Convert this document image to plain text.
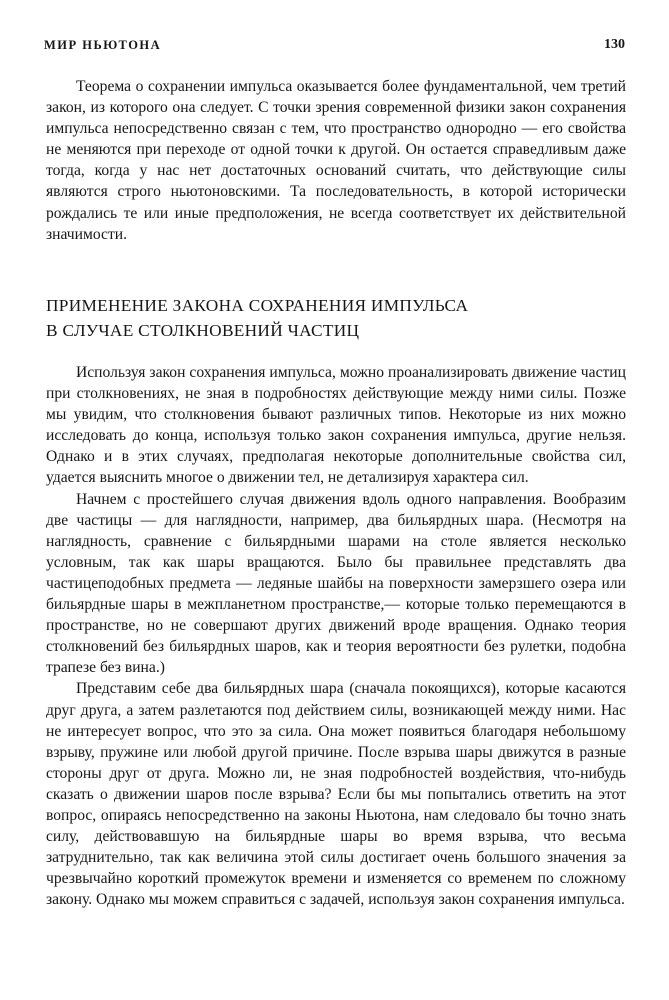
МИР НЬЮТОНА	130

Теорема о сохранении импульса оказывается более фундаментальной, чем третий закон, из которого она следует. С точки зрения современной физики закон сохранения импульса непосредственно связан с тем, что пространство однородно — его свойства не меняются при переходе от одной точки к другой. Он остается справедливым даже тогда, когда у нас нет достаточных оснований считать, что действующие силы являются строго ньютоновскими. Та последовательность, в которой исторически рождались те или иные предположения, не всегда соответствует их действительной значимости.

ПРИМЕНЕНИЕ ЗАКОНА СОХРАНЕНИЯ ИМПУЛЬСА
В СЛУЧАЕ СТОЛКНОВЕНИЙ ЧАСТИЦ

Используя закон сохранения импульса, можно проанализировать движение частиц при столкновениях, не зная в подробностях действующие между ними силы. Позже мы увидим, что столкновения бывают различных типов. Некоторые из них можно исследовать до конца, используя только закон сохранения импульса, другие нельзя. Однако и в этих случаях, предполагая некоторые дополнительные свойства сил, удается выяснить многое о движении тел, не детализируя характера сил.

Начнем с простейшего случая движения вдоль одного направления. Вообразим две частицы — для наглядности, например, два бильярдных шара. (Несмотря на наглядность, сравнение с бильярдными шарами на столе является несколько условным, так как шары вращаются. Было бы правильнее представлять два частицеподобных предмета — ледяные шайбы на поверхности замерзшего озера или бильярдные шары в межпланетном пространстве,— которые только перемещаются в пространстве, но не совершают других движений вроде вращения. Однако теория столкновений без бильярдных шаров, как и теория вероятности без рулетки, подобна трапезе без вина.)

Представим себе два бильярдных шара (сначала покоящихся), которые касаются друг друга, а затем разлетаются под действием силы, возникающей между ними. Нас не интересует вопрос, что это за сила. Она может появиться благодаря небольшому взрыву, пружине или любой другой причине. После взрыва шары движутся в разные стороны друг от друга. Можно ли, не зная подробностей воздействия, что-нибудь сказать о движении шаров после взрыва? Если бы мы попытались ответить на этот вопрос, опираясь непосредственно на законы Ньютона, нам следовало бы точно знать силу, действовавшую на бильярдные шары во время взрыва, что весьма затруднительно, так как величина этой силы достигает очень большого значения за чрезвычайно короткий промежуток времени и изменяется со временем по сложному закону. Однако мы можем справиться с задачей, используя закон сохранения импульса.
